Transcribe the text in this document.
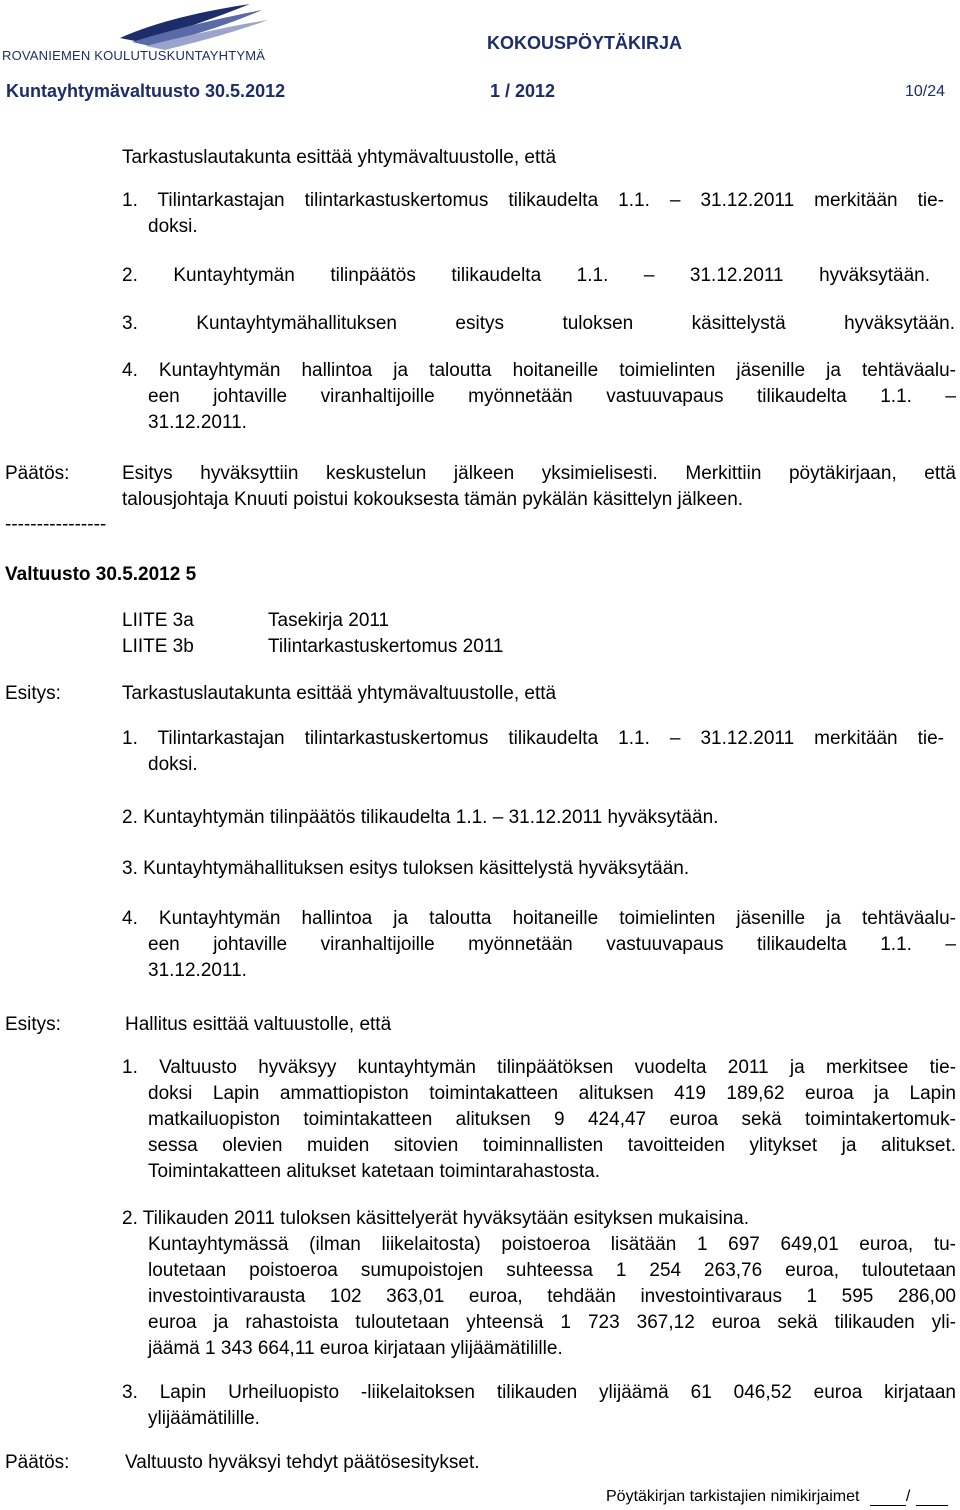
ROVANIEMEN KOULUTUSKUNTAYHTYMÄ
KOKOUSPÖYTÄKIRJA
Kuntayhtymävaltuusto 30.5.2012	1 / 2012	10/24
Tarkastuslautakunta esittää yhtymävaltuustolle, että
1. Tilintarkastajan tilintarkastuskertomus tilikaudelta 1.1. – 31.12.2011 merkitään tie-
doksi.
2. Kuntayhtymän tilinpäätös tilikaudelta 1.1. – 31.12.2011 hyväksytään.
3. Kuntayhtymähallituksen esitys tuloksen käsittelystä hyväksytään.
4. Kuntayhtymän hallintoa ja taloutta hoitaneille toimielinten jäsenille ja tehtäväalu-
een johtaville viranhaltijoille myönnetään vastuuvapaus tilikaudelta 1.1. –
31.12.2011.
Päätös:	Esitys hyväksyttiin keskustelun jälkeen yksimielisesti. Merkittiin pöytäkirjaan, että
talousjohtaja Knuuti poistui kokouksesta tämän pykälän käsittelyn jälkeen.
----------------
Valtuusto 30.5.2012 5
LIITE 3a	Tasekirja 2011
LIITE 3b	Tilintarkastuskertomus 2011
Esitys:	Tarkastuslautakunta esittää yhtymävaltuustolle, että
1. Tilintarkastajan tilintarkastuskertomus tilikaudelta 1.1. – 31.12.2011 merkitään tie-
doksi.
2. Kuntayhtymän tilinpäätös tilikaudelta 1.1. – 31.12.2011 hyväksytään.
3. Kuntayhtymähallituksen esitys tuloksen käsittelystä hyväksytään.
4. Kuntayhtymän hallintoa ja taloutta hoitaneille toimielinten jäsenille ja tehtäväalu-
een johtaville viranhaltijoille myönnetään vastuuvapaus tilikaudelta 1.1. –
31.12.2011.
Esitys:	Hallitus esittää valtuustolle, että
1. Valtuusto hyväksyy kuntayhtymän tilinpäätöksen vuodelta 2011 ja merkitsee tie-
doksi Lapin ammattiopiston toimintakatteen alituksen 419 189,62 euroa ja Lapin
matkailuopiston toimintakatteen alituksen 9 424,47 euroa sekä toimintakertomuk-
sessa olevien muiden sitovien toiminnallisten tavoitteiden ylitykset ja alitukset.
Toimintakatteen alitukset katetaan toimintarahastosta.
2. Tilikauden 2011 tuloksen käsittelyerät hyväksytään esityksen mukaisina.
Kuntayhtymässä (ilman liikelaitosta) poistoeroa lisätään 1 697 649,01 euroa, tu-
loutetaan poistoeroa sumupoistojen suhteessa 1 254 263,76 euroa, tuloutetaan
investointivarausta 102 363,01 euroa, tehdään investointivaraus 1 595 286,00
euroa ja rahastoista tuloutetaan yhteensä 1 723 367,12 euroa sekä tilikauden yli-
jäämä 1 343 664,11 euroa kirjataan ylijäämätilille.
3. Lapin Urheiluopisto -liikelaitoksen tilikauden ylijäämä 61 046,52 euroa kirjataan
ylijäämätilille.
Päätös:	Valtuusto hyväksyi tehdyt päätösesitykset.
Pöytäkirjan tarkistajien nimikirjaimet	/
